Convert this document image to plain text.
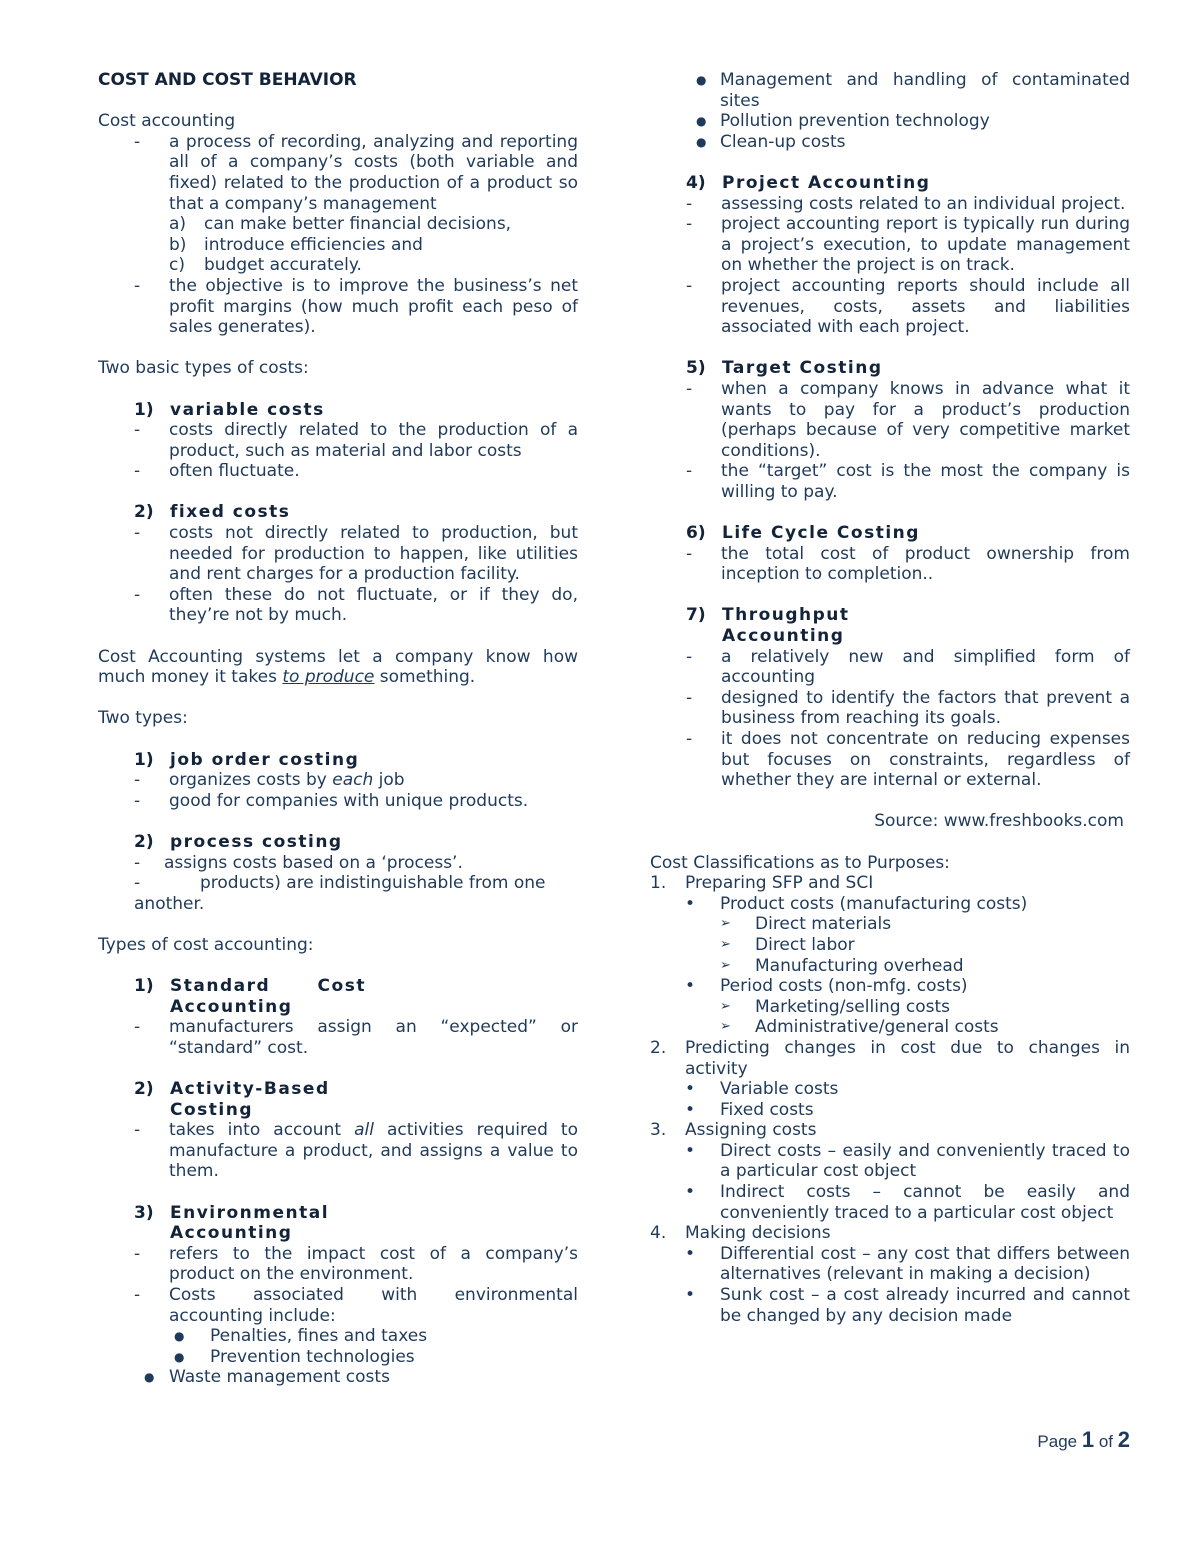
COST AND COST BEHAVIOR

Cost accounting

-	a process of recording, analyzing and reporting all of a company’s costs (both variable and fixed) related to the production of a product so that a company’s management
a)	can make better financial decisions,
b)	introduce efficiencies and
c)	budget accurately.
-	the objective is to improve the business’s net profit margins (how much profit each peso of sales generates).

Two basic types of costs:

1) variable costs
-	costs directly related to the production of a product, such as material and labor costs
-	often fluctuate.
2) fixed costs
-	costs not directly related to production, but needed for production to happen, like utilities and rent charges for a production facility.
-	often these do not fluctuate, or if they do, they’re not by much.

Cost Accounting systems let a company know how much money it takes to produce something.

Two types:

1) job order costing
-	organizes costs by each job
-	good for companies with unique products.
2) process costing
-	assigns costs based on a ‘process’.
-	products) are indistinguishable from one

another.

Types of cost accounting:

1) Standard Cost
Accounting
-	manufacturers assign an “expected” or “standard” cost.
2) Activity-Based
Costing
-	takes into account all activities required to manufacture a product, and assigns a value to them.
3) Environmental
Accounting
-	refers to the impact cost of a company’s product on the environment.
-	Costs associated with environmental accounting include:
●	Penalties, fines and taxes
●	Prevention technologies
● Waste management costs
● Management and handling of contaminated sites
● Pollution prevention technology
● Clean-up costs
4) Project Accounting
-	assessing costs related to an individual project.
-	project accounting report is typically run during a project’s execution, to update management on whether the project is on track.
-	project accounting reports should include all revenues, costs, assets and liabilities associated with each project.
5) Target Costing
-	when a company knows in advance what it wants to pay for a product’s production (perhaps because of very competitive market conditions).
-	the “target” cost is the most the company is willing to pay.
6) Life Cycle Costing
-	the total cost of product ownership from inception to completion..
7) Throughput
Accounting
-	a relatively new and simplified form of accounting
-	designed to identify the factors that prevent a business from reaching its goals.
-	it does not concentrate on reducing expenses but focuses on constraints, regardless of whether they are internal or external.

Source: www.freshbooks.com

Cost Classifications as to Purposes:

1.	Preparing SFP and SCI
•	Product costs (manufacturing costs)
➢	Direct materials
➢	Direct labor
➢	Manufacturing overhead
•	Period costs (non-mfg. costs)
➢	Marketing/selling costs
➢	Administrative/general costs
2.	Predicting changes in cost due to changes in activity
•	Variable costs
•	Fixed costs
3.	Assigning costs
•	Direct costs – easily and conveniently traced to a particular cost object
•	Indirect costs – cannot be easily and conveniently traced to a particular cost object
4.	Making decisions
•	Differential cost – any cost that differs between alternatives (relevant in making a decision)
•	Sunk cost – a cost already incurred and cannot be changed by any decision made
Page 1 of 2
